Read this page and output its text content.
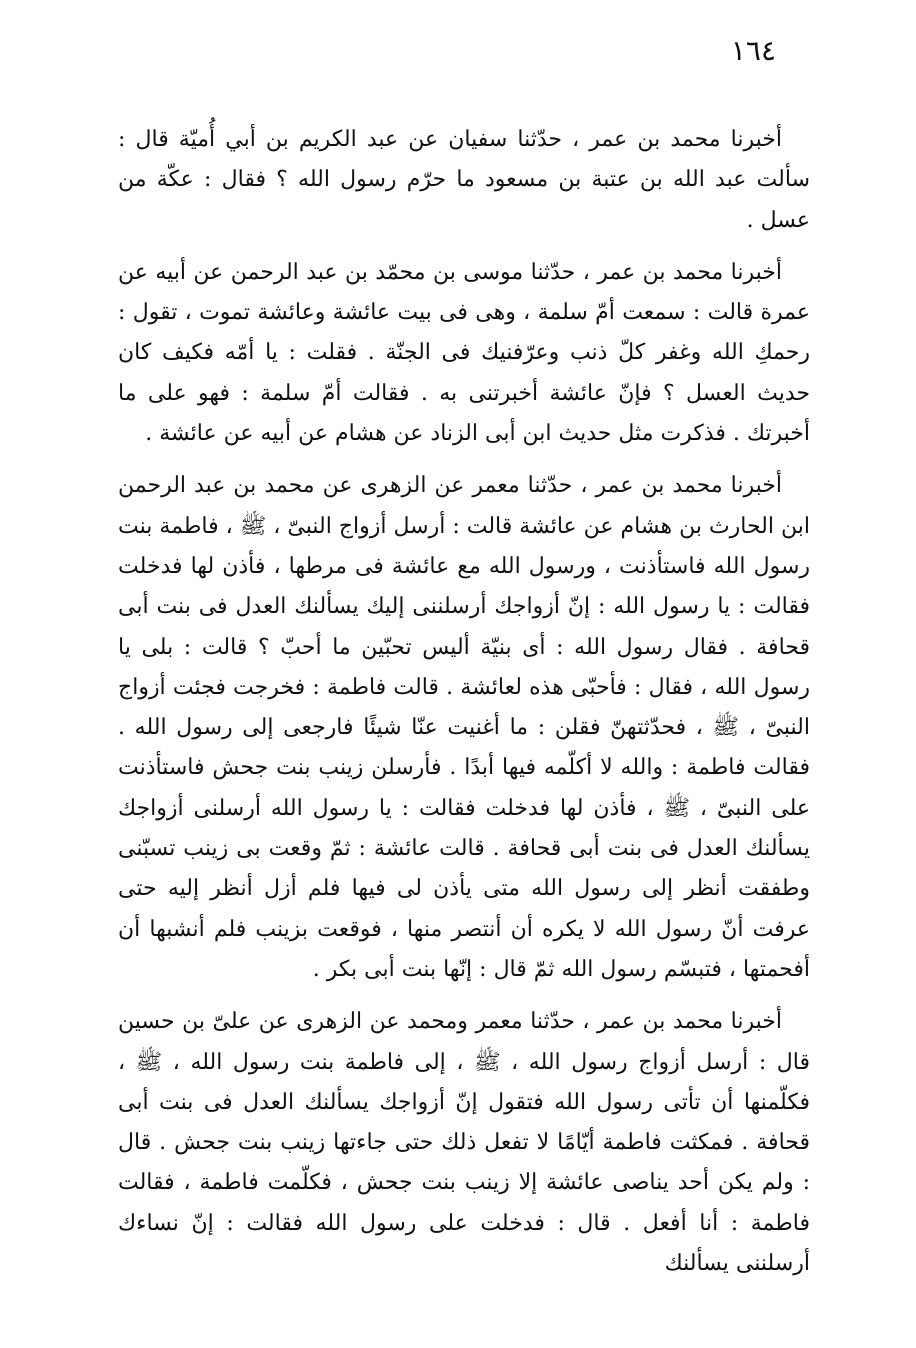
١٦٤

أخبرنا محمد بن عمر ، حدّثنا سفيان عن عبد الكريم بن أبي أُميّة قال : سألت عبد الله بن عتبة بن مسعود ما حرّم رسول الله ؟ فقال : عكّة من عسل .

أخبرنا محمد بن عمر ، حدّثنا موسى بن محمّد بن عبد الرحمن عن أبيه عن عمرة قالت : سمعت أمّ سلمة ، وهى فى بيت عائشة وعائشة تموت ، تقول : رحمكِ الله وغفر كلّ ذنب وعرّفنيك فى الجنّة . فقلت : يا أمّه فكيف كان حديث العسل ؟ فإنّ عائشة أخبرتنى به . فقالت أمّ سلمة : فهو على ما أخبرتك . فذكرت مثل حديث ابن أبى الزناد عن هشام عن أبيه عن عائشة .

أخبرنا محمد بن عمر ، حدّثنا معمر عن الزهرى عن محمد بن عبد الرحمن ابن الحارث بن هشام عن عائشة قالت : أرسل أزواج النبىّ ، ﷺ ، فاطمة بنت رسول الله فاستأذنت ، ورسول الله مع عائشة فى مرطها ، فأذن لها فدخلت فقالت : يا رسول الله : إنّ أزواجك أرسلننى إليك يسألنك العدل فى بنت أبى قحافة . فقال رسول الله : أى بنيّة أليس تحبّين ما أحبّ ؟ قالت : بلى يا رسول الله ، فقال : فأحبّى هذه لعائشة . قالت فاطمة : فخرجت فجئت أزواج النبىّ ، ﷺ ، فحدّثتهنّ فقلن : ما أغنيت عنّا شيئًا فارجعى إلى رسول الله . فقالت فاطمة : والله لا أكلّمه فيها أبدًا . فأرسلن زينب بنت جحش فاستأذنت على النبىّ ، ﷺ ، فأذن لها فدخلت فقالت : يا رسول الله أرسلنى أزواجك يسألنك العدل فى بنت أبى قحافة . قالت عائشة : ثمّ وقعت بى زينب تسبّنى وطفقت أنظر إلى رسول الله متى يأذن لى فيها فلم أزل أنظر إليه حتى عرفت أنّ رسول الله لا يكره أن أنتصر منها ، فوقعت بزينب فلم أنشبها أن أفحمتها ، فتبسّم رسول الله ثمّ قال : إنّها بنت أبى بكر .

أخبرنا محمد بن عمر ، حدّثنا معمر ومحمد عن الزهرى عن علىّ بن حسين قال : أرسل أزواج رسول الله ، ﷺ ، إلى فاطمة بنت رسول الله ، ﷺ ، فكلّمنها أن تأتى رسول الله فتقول إنّ أزواجك يسألنك العدل فى بنت أبى قحافة . فمكثت فاطمة أيّامًا لا تفعل ذلك حتى جاءتها زينب بنت جحش . قال : ولم يكن أحد يناصى عائشة إلا زينب بنت جحش ، فكلّمت فاطمة ، فقالت فاطمة : أنا أفعل . قال : فدخلت على رسول الله فقالت : إنّ نساءك أرسلننى يسألنك
